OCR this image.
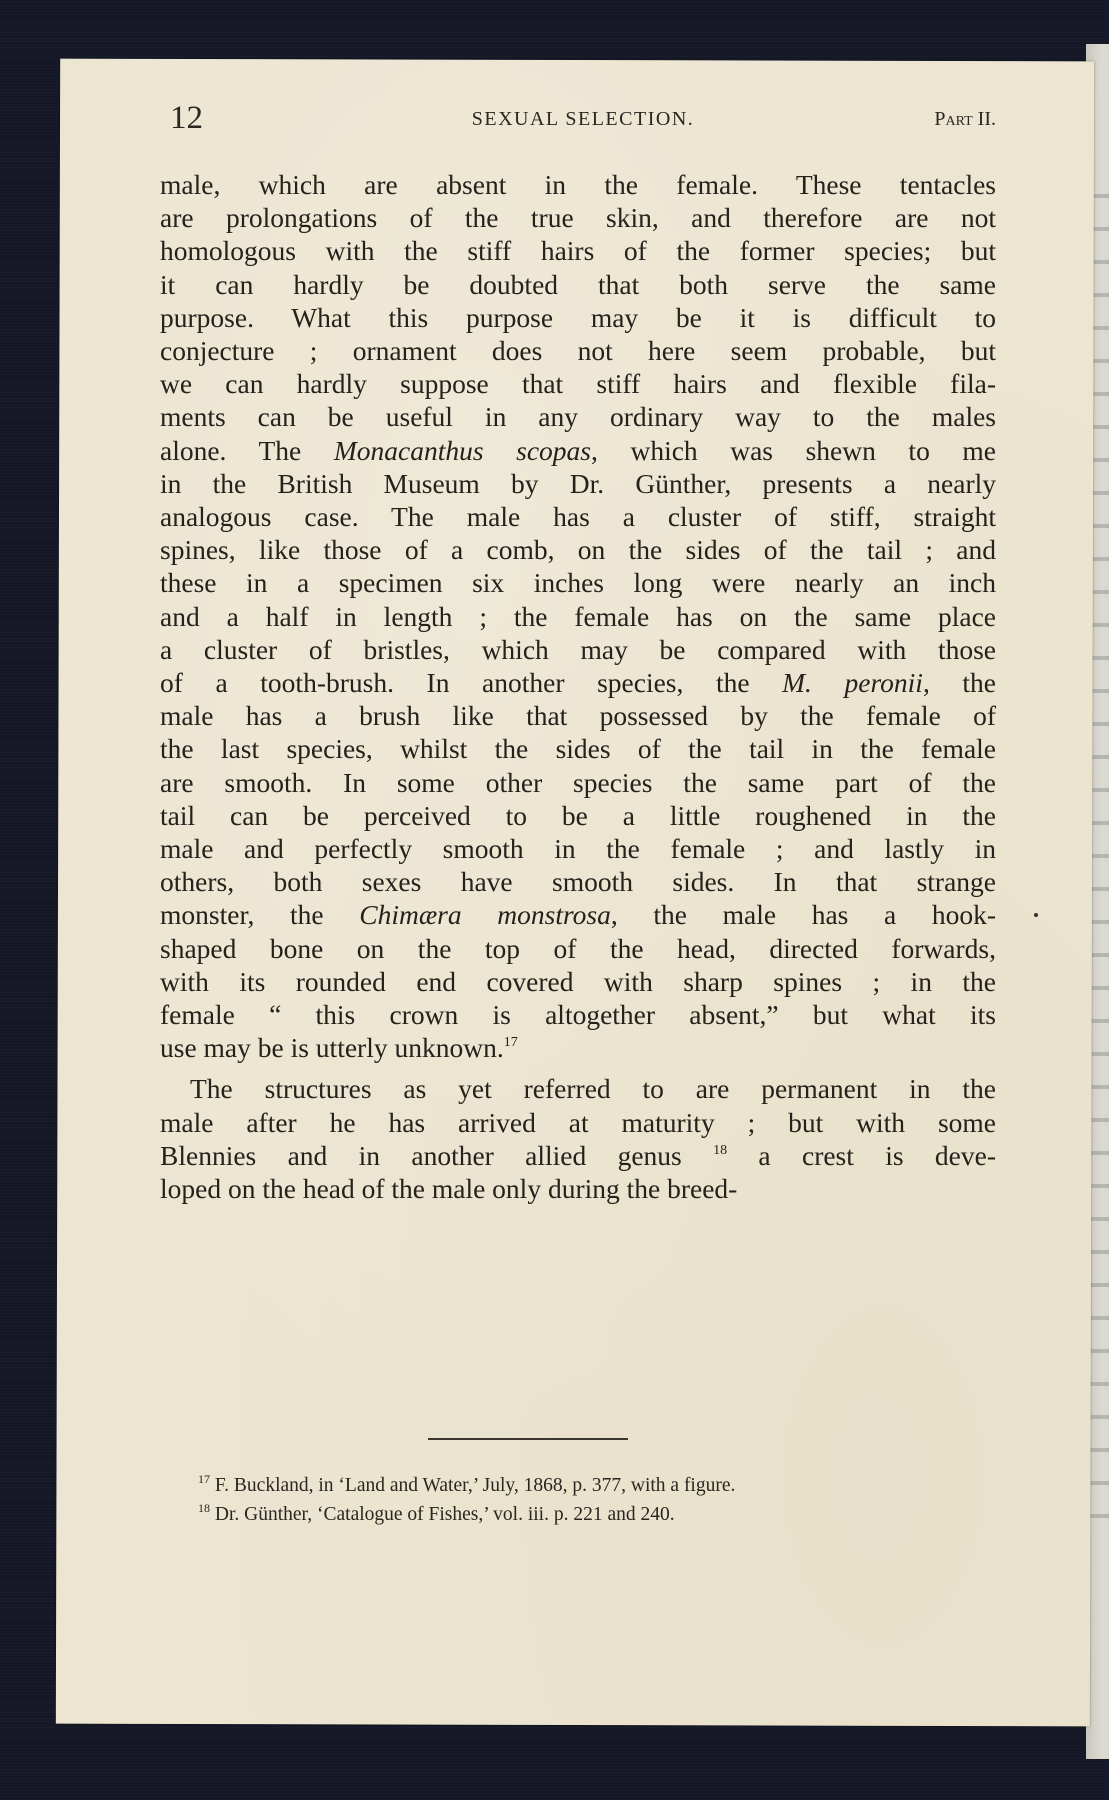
12	SEXUAL SELECTION.	Part II.
male, which are absent in the female. These tentacles
are prolongations of the true skin, and therefore are not
homologous with the stiff hairs of the former species; but
it can hardly be doubted that both serve the same
purpose. What this purpose may be it is difficult to
conjecture ; ornament does not here seem probable, but
we can hardly suppose that stiff hairs and flexible fila-
ments can be useful in any ordinary way to the males
alone. The Monacanthus scopas, which was shewn to me
in the British Museum by Dr. Günther, presents a nearly
analogous case. The male has a cluster of stiff, straight
spines, like those of a comb, on the sides of the tail ; and
these in a specimen six inches long were nearly an inch
and a half in length ; the female has on the same place
a cluster of bristles, which may be compared with those
of a tooth-brush. In another species, the M. peronii, the
male has a brush like that possessed by the female of
the last species, whilst the sides of the tail in the female
are smooth. In some other species the same part of the
tail can be perceived to be a little roughened in the
male and perfectly smooth in the female ; and lastly in
others, both sexes have smooth sides. In that strange
monster, the Chimæra monstrosa, the male has a hook-
shaped bone on the top of the head, directed forwards,
with its rounded end covered with sharp spines ; in the
female “ this crown is altogether absent,” but what its
use may be is utterly unknown.$^{17}$
The structures as yet referred to are permanent in the
male after he has arrived at maturity ; but with some
Blennies and in another allied genus $^{18}$ a crest is deve-
loped on the head of the male only during the breed-
$^{17}$ F. Buckland, in ‘Land and Water,’ July, 1868, p. 377, with a figure.
$^{18}$ Dr. Günther, ‘Catalogue of Fishes,’ vol. iii. p. 221 and 240.
